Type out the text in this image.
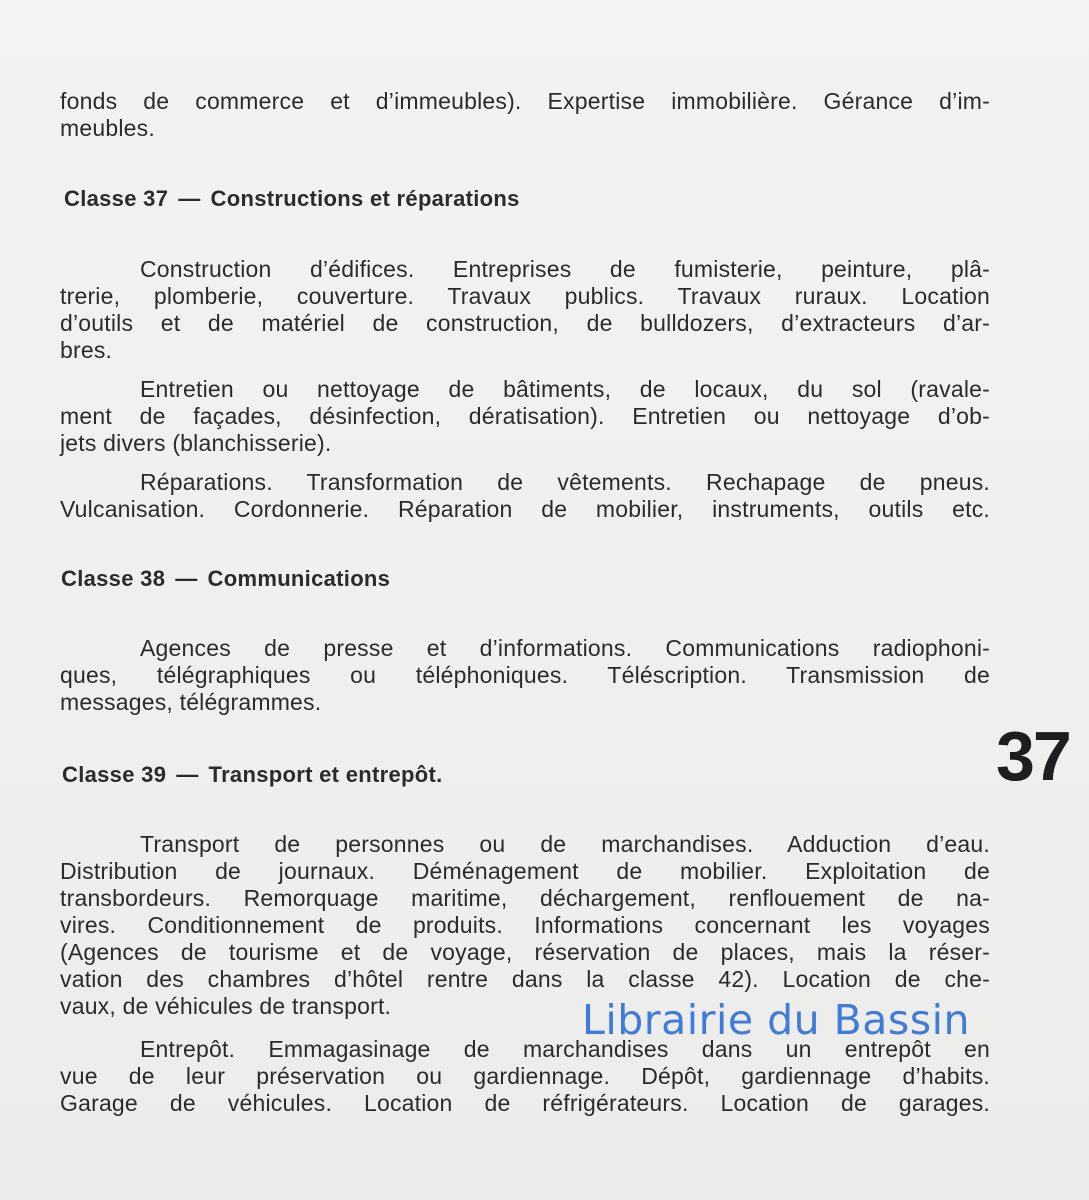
fonds de commerce et d’immeubles). Expertise immobilière. Gérance d’im-
meubles.
Classe 37 — Constructions et réparations
Construction d’édifices. Entreprises de fumisterie, peinture, plâ-
trerie, plomberie, couverture. Travaux publics. Travaux ruraux. Location
d’outils et de matériel de construction, de bulldozers, d’extracteurs d’ar-
bres.
Entretien ou nettoyage de bâtiments, de locaux, du sol (ravale-
ment de façades, désinfection, dératisation). Entretien ou nettoyage d’ob-
jets divers (blanchisserie).
Réparations. Transformation de vêtements. Rechapage de pneus.
Vulcanisation. Cordonnerie. Réparation de mobilier, instruments, outils etc.
Classe 38 — Communications
Agences de presse et d’informations. Communications radiophoni-
ques, télégraphiques ou téléphoniques. Téléscription. Transmission de
messages, télégrammes.
37
Classe 39 — Transport et entrepôt.
Transport de personnes ou de marchandises. Adduction d’eau.
Distribution de journaux. Déménagement de mobilier. Exploitation de
transbordeurs. Remorquage maritime, déchargement, renflouement de na-
vires. Conditionnement de produits. Informations concernant les voyages
(Agences de tourisme et de voyage, réservation de places, mais la réser-
vation des chambres d’hôtel rentre dans la classe 42). Location de che-
vaux, de véhicules de transport.
Entrepôt. Emmagasinage de marchandises dans un entrepôt en
vue de leur préservation ou gardiennage. Dépôt, gardiennage d’habits.
Garage de véhicules. Location de réfrigérateurs. Location de garages.
Librairie du Bassin
